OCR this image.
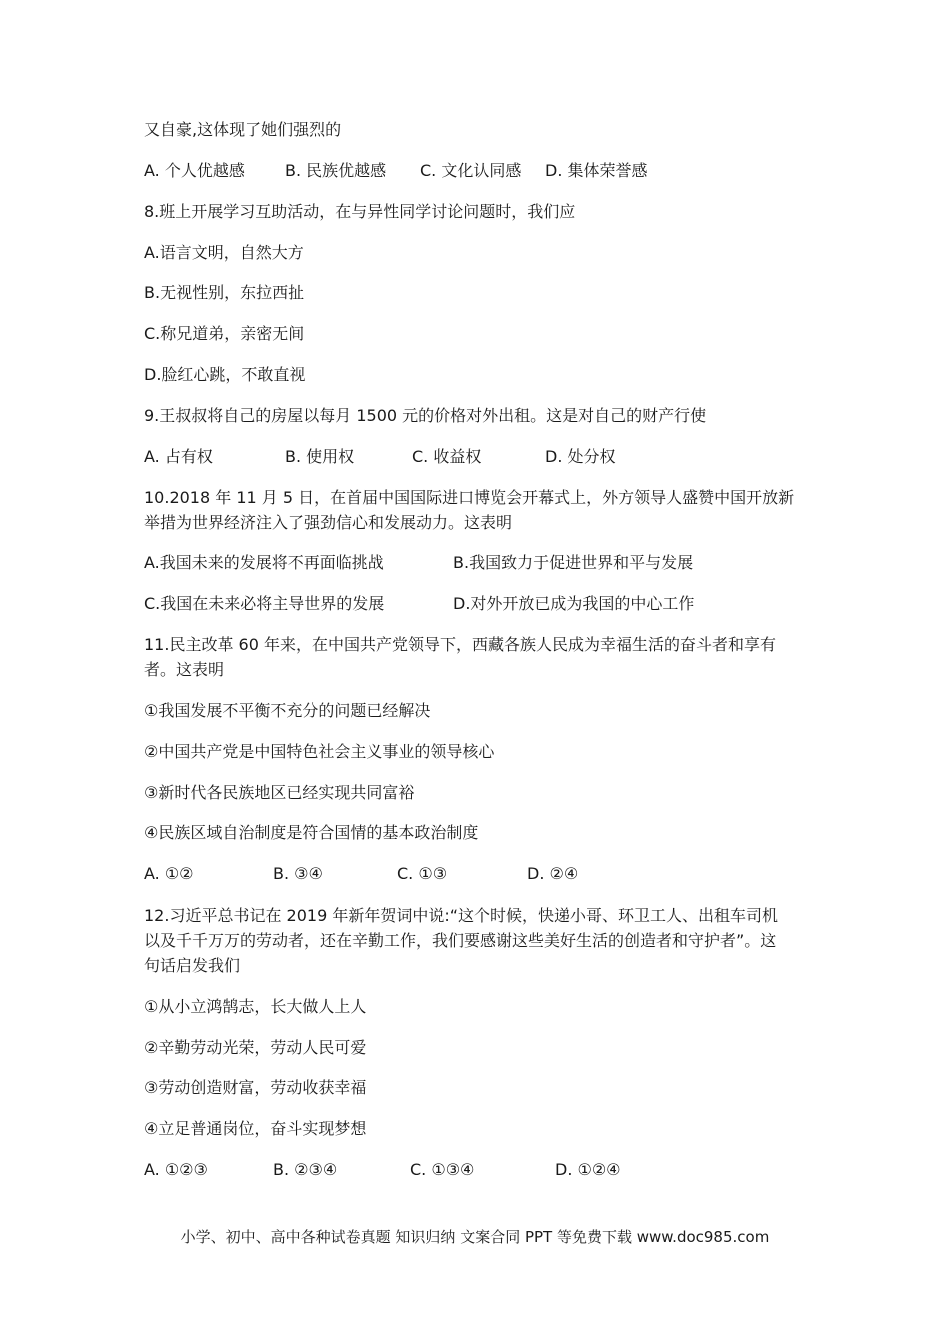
又自豪,这体现了她们强烈的
A. 个人优越感	B. 民族优越感 C. 文化认同感 D. 集体荣誉感
8.班上开展学习互助活动，在与异性同学讨论问题时，我们应
A.语言文明，自然大方
B.无视性别，东拉西扯
C.称兄道弟，亲密无间
D.脸红心跳，不敢直视
9.王叔叔将自己的房屋以每月 1500 元的价格对外出租。这是对自己的财产行使
A. 占有权	B. 使用权	C. 收益权	D. 处分权
10.2018 年 11 月 5 日，在首届中国国际进口博览会开幕式上，外方领导人盛赞中国开放新
举措为世界经济注入了强劲信心和发展动力。这表明
A.我国未来的发展将不再面临挑战	B.我国致力于促进世界和平与发展
C.我国在未来必将主导世界的发展	D.对外开放已成为我国的中心工作
11.民主改革 60 年来，在中国共产党领导下，西藏各族人民成为幸福生活的奋斗者和享有
者。这表明
①我国发展不平衡不充分的问题已经解决
②中国共产党是中国特色社会主义事业的领导核心
③新时代各民族地区已经实现共同富裕
④民族区域自治制度是符合国情的基本政治制度
A. ①②	B. ③④	C. ①③	D. ②④
12.习近平总书记在 2019 年新年贺词中说:“这个时候，快递小哥、环卫工人、出租车司机
以及千千万万的劳动者，还在辛勤工作，我们要感谢这些美好生活的创造者和守护者”。这
句话启发我们
①从小立鸿鹄志，长大做人上人
②辛勤劳动光荣，劳动人民可爱
③劳动创造财富，劳动收获幸福
④立足普通岗位，奋斗实现梦想
A. ①②③	B. ②③④	C. ①③④	D. ①②④
小学、初中、高中各种试卷真题 知识归纳 文案合同 PPT 等免费下载 www.doc985.com
